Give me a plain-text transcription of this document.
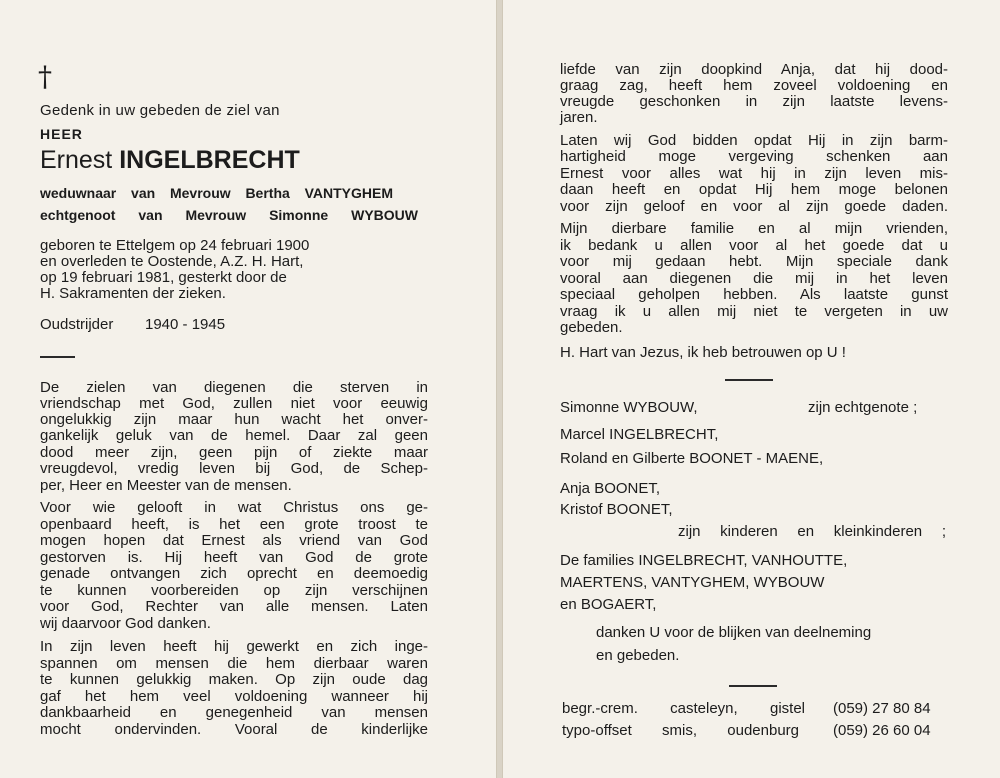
†
Gedenk in uw gebeden de ziel van
HEER
Ernest INGELBRECHT
weduwnaar van Mevrouw Bertha VANTYGHEM
echtgenoot van Mevrouw Simonne WYBOUW
geboren te Ettelgem op 24 februari 1900
en overleden te Oostende, A.Z. H. Hart,
op 19 februari 1981, gesterkt door de
H. Sakramenten der zieken.
Oudstrijder 1940 - 1945
De zielen van diegenen die sterven in
vriendschap met God, zullen niet voor eeuwig
ongelukkig zijn maar hun wacht het onver-
gankelijk geluk van de hemel. Daar zal geen
dood meer zijn, geen pijn of ziekte maar
vreugdevol, vredig leven bij God, de Schep-
per, Heer en Meester van de mensen.
Voor wie gelooft in wat Christus ons ge-
openbaard heeft, is het een grote troost te
mogen hopen dat Ernest als vriend van God
gestorven is. Hij heeft van God de grote
genade ontvangen zich oprecht en deemoedig
te kunnen voorbereiden op zijn verschijnen
voor God, Rechter van alle mensen. Laten
wij daarvoor God danken.
In zijn leven heeft hij gewerkt en zich inge-
spannen om mensen die hem dierbaar waren
te kunnen gelukkig maken. Op zijn oude dag
gaf het hem veel voldoening wanneer hij
dankbaarheid en genegenheid van mensen
mocht ondervinden. Vooral de kinderlijke
liefde van zijn doopkind Anja, dat hij dood-
graag zag, heeft hem zoveel voldoening en
vreugde geschonken in zijn laatste levens-
jaren.
Laten wij God bidden opdat Hij in zijn barm-
hartigheid moge vergeving schenken aan
Ernest voor alles wat hij in zijn leven mis-
daan heeft en opdat Hij hem moge belonen
voor zijn geloof en voor al zijn goede daden.
Mijn dierbare familie en al mijn vrienden,
ik bedank u allen voor al het goede dat u
voor mij gedaan hebt. Mijn speciale dank
vooral aan diegenen die mij in het leven
speciaal geholpen hebben. Als laatste gunst
vraag ik u allen mij niet te vergeten in uw
gebeden.
H. Hart van Jezus, ik heb betrouwen op U !
Simonne WYBOUW,	zijn echtgenote ;
Marcel INGELBRECHT,
Roland en Gilberte BOONET - MAENE,
Anja BOONET,
Kristof BOONET,
zijn kinderen en kleinkinderen ;
De families INGELBRECHT, VANHOUTTE,
MAERTENS, VANTYGHEM, WYBOUW
en BOGAERT,
danken U voor de blijken van deelneming
en gebeden.
begr.-crem. casteleyn, gistel (059) 27 80 84
typo-offset smis, oudenburg (059) 26 60 04
